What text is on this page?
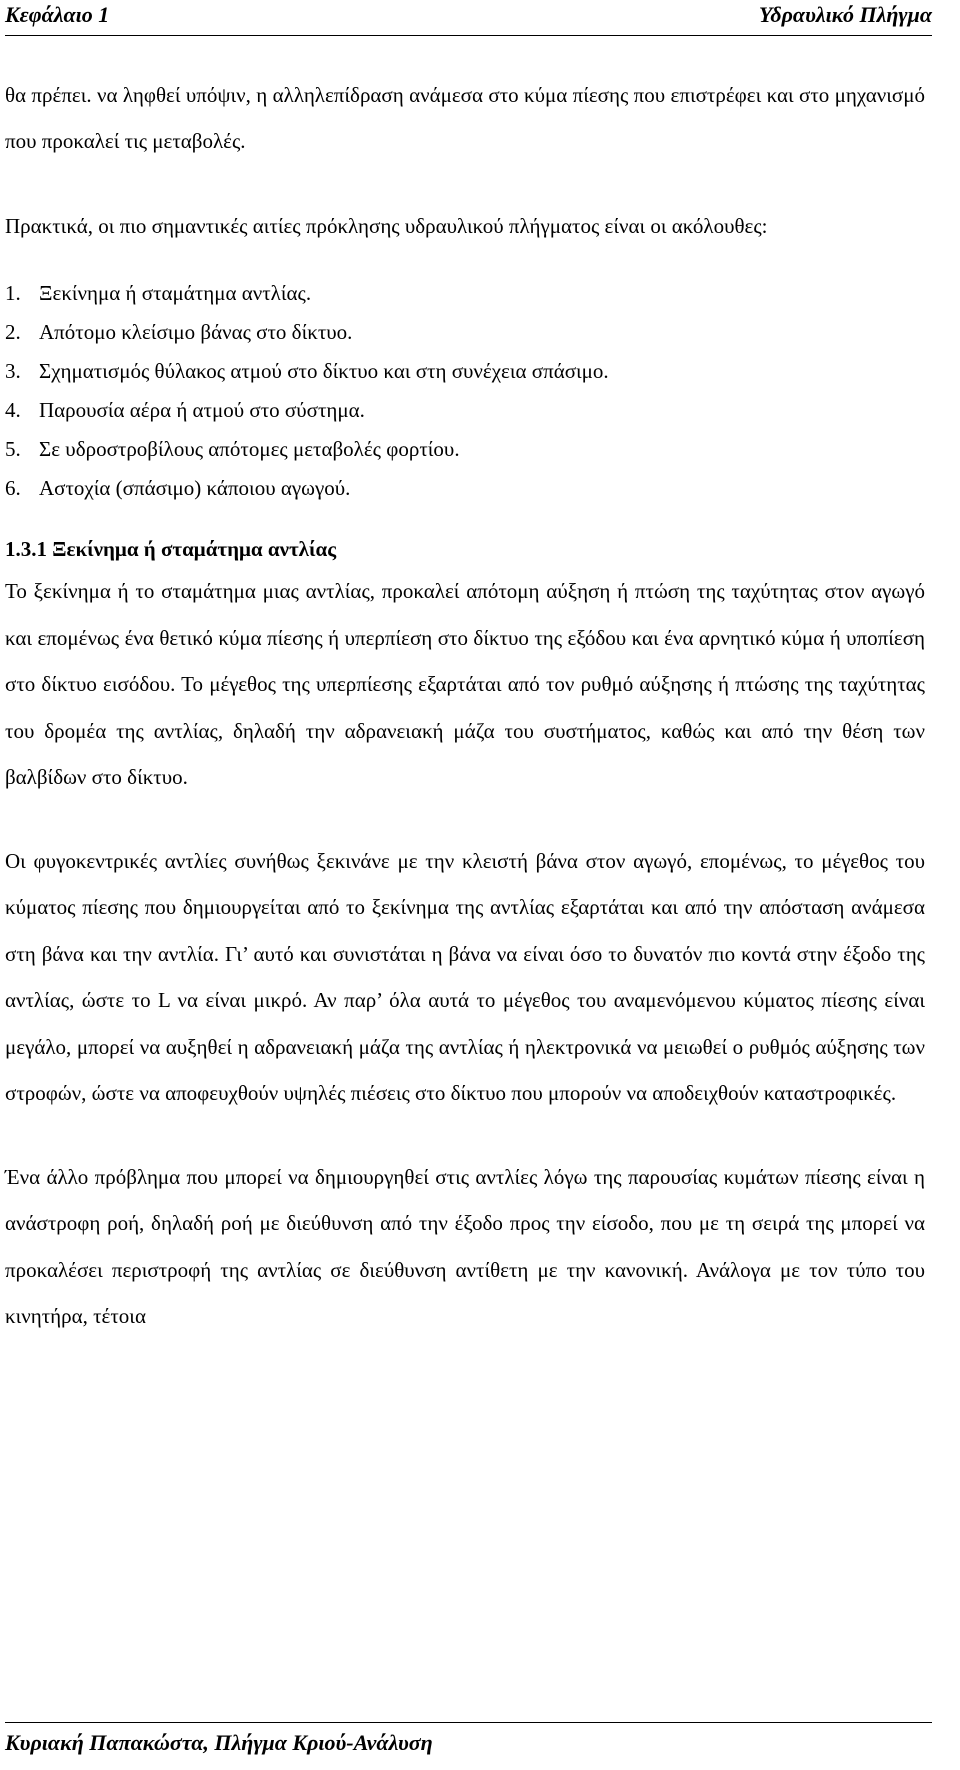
Κεφάλαιο 1	Υδραυλικό Πλήγμα

θα πρέπει. να ληφθεί υπόψιν, η αλληλεπίδραση ανάμεσα στο κύμα πίεσης που επιστρέφει και στο μηχανισμό που προκαλεί τις μεταβολές.

Πρακτικά, οι πιο σημαντικές αιτίες πρόκλησης υδραυλικού πλήγματος είναι οι ακόλουθες:

1. Ξεκίνημα ή σταμάτημα αντλίας.
2. Απότομο κλείσιμο βάνας στο δίκτυο.
3. Σχηματισμός θύλακος ατμού στο δίκτυο και στη συνέχεια σπάσιμο.
4. Παρουσία αέρα ή ατμού στο σύστημα.
5. Σε υδροστροβίλους απότομες μεταβολές φορτίου.
6. Αστοχία (σπάσιμο) κάποιου αγωγού.
1.3.1 Ξεκίνημα ή σταμάτημα αντλίας

Το ξεκίνημα ή το σταμάτημα μιας αντλίας, προκαλεί απότομη αύξηση ή πτώση της ταχύτητας στον αγωγό και επομένως ένα θετικό κύμα πίεσης ή υπερπίεση στο δίκτυο της εξόδου και ένα αρνητικό κύμα ή υποπίεση στο δίκτυο εισόδου. Το μέγεθος της υπερπίεσης εξαρτάται από τον ρυθμό αύξησης ή πτώσης της ταχύτητας του δρομέα της αντλίας, δηλαδή την αδρανειακή μάζα του συστήματος, καθώς και από την θέση των βαλβίδων στο δίκτυο.

Οι φυγοκεντρικές αντλίες συνήθως ξεκινάνε με την κλειστή βάνα στον αγωγό, επομένως, το μέγεθος του κύματος πίεσης που δημιουργείται από το ξεκίνημα της αντλίας εξαρτάται και από την απόσταση ανάμεσα στη βάνα και την αντλία. Γι’ αυτό και συνιστάται η βάνα να είναι όσο το δυνατόν πιο κοντά στην έξοδο της αντλίας, ώστε το L να είναι μικρό. Αν παρ’ όλα αυτά το μέγεθος του αναμενόμενου κύματος πίεσης είναι μεγάλο, μπορεί να αυξηθεί η αδρανειακή μάζα της αντλίας ή ηλεκτρονικά να μειωθεί ο ρυθμός αύξησης των στροφών, ώστε να αποφευχθούν υψηλές πιέσεις στο δίκτυο που μπορούν να αποδειχθούν καταστροφικές.

Ένα άλλο πρόβλημα που μπορεί να δημιουργηθεί στις αντλίες λόγω της παρουσίας κυμάτων πίεσης είναι η ανάστροφη ροή, δηλαδή ροή με διεύθυνση από την έξοδο προς την είσοδο, που με τη σειρά της μπορεί να προκαλέσει περιστροφή της αντλίας σε διεύθυνση αντίθετη με την κανονική. Ανάλογα με τον τύπο του κινητήρα, τέτοια

Κυριακή Παπακώστα, Πλήγμα Κριού-Ανάλυση
